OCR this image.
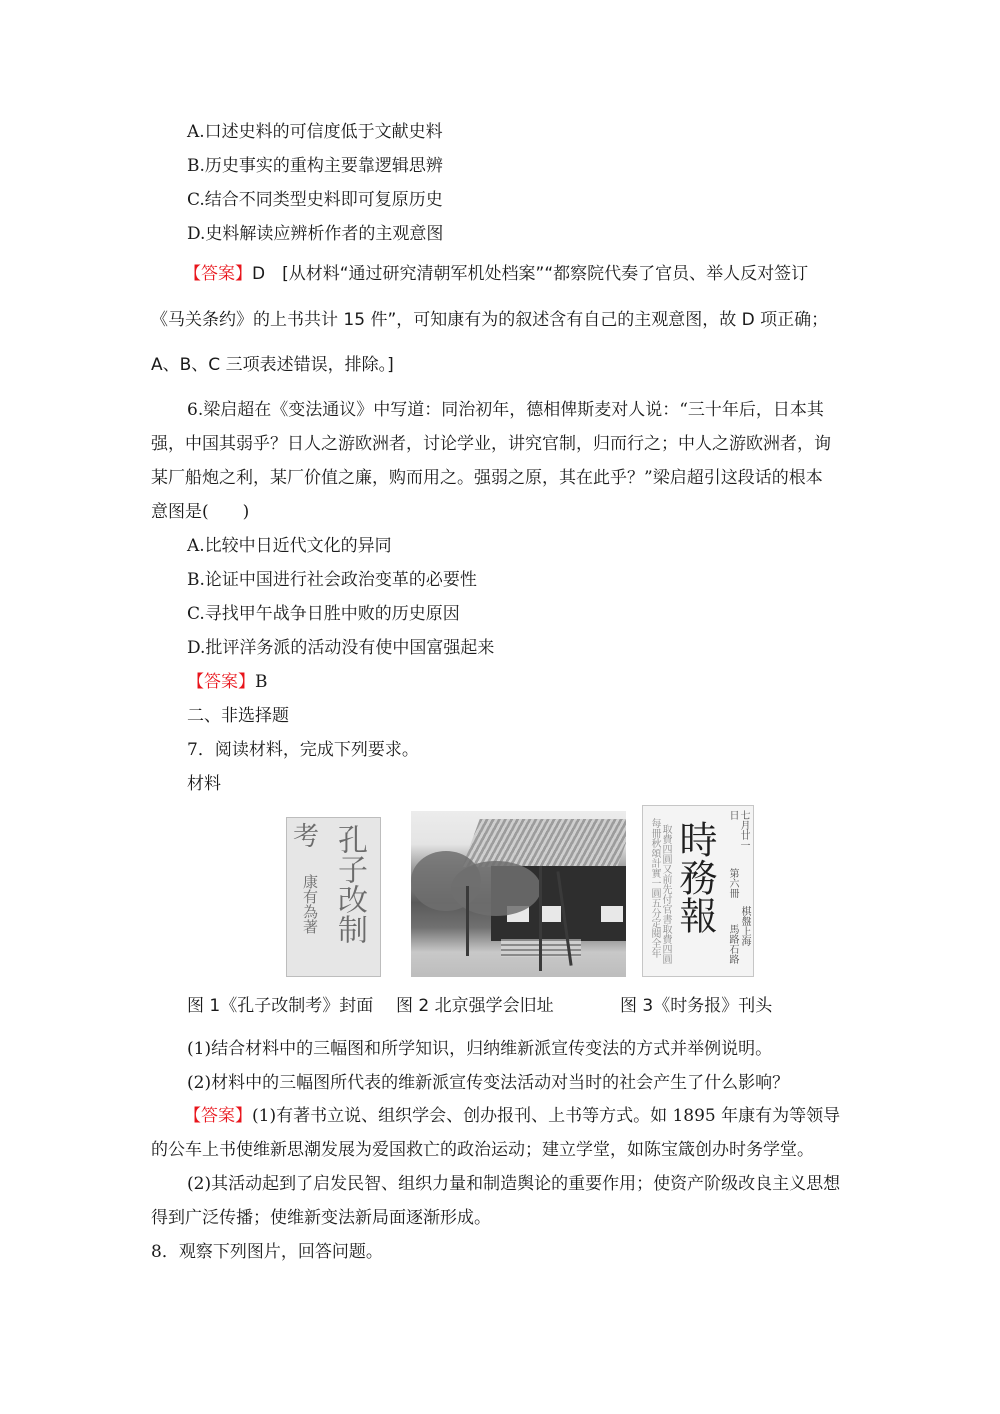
A.口述史料的可信度低于文献史料
B.历史事实的重构主要靠逻辑思辨
C.结合不同类型史料即可复原历史
D.史料解读应辨析作者的主观意图
【答案】D　[从材料“通过研究清朝军机处档案”“都察院代奏了官员、举人反对签订
《马关条约》的上书共计 15 件”，可知康有为的叙述含有自己的主观意图，故 D 项正确；
A、B、C 三项表述错误，排除。]
6.梁启超在《变法通议》中写道：同治初年，德相俾斯麦对人说：“三十年后，日本其
强，中国其弱乎？日人之游欧洲者，讨论学业，讲究官制，归而行之；中人之游欧洲者，询
某厂船炮之利，某厂价值之廉，购而用之。强弱之原，其在此乎？”梁启超引这段话的根本
意图是(　　)
A.比较中日近代文化的异同
B.论证中国进行社会政治变革的必要性
C.寻找甲午战争日胜中败的历史原因
D.批评洋务派的活动没有使中国富强起来
【答案】B
二、非选择题
7．阅读材料，完成下列要求。
材料
孔子改制
考
康有為著	時務報
每冊秋頌計實一圓五分定閱全年 取費四圓又前先付官書取費四圓	七月廿一日
第六冊
馬路石路 棋盤上海
图 1《孔子改制考》封面 图 2 北京强学会旧址	图 3《时务报》刊头
(1)结合材料中的三幅图和所学知识，归纳维新派宣传变法的方式并举例说明。
(2)材料中的三幅图所代表的维新派宣传变法活动对当时的社会产生了什么影响？
【答案】(1)有著书立说、组织学会、创办报刊、上书等方式。如 1895 年康有为等领导
的公车上书使维新思潮发展为爱国救亡的政治运动；建立学堂，如陈宝箴创办时务学堂。
(2)其活动起到了启发民智、组织力量和制造舆论的重要作用；使资产阶级改良主义思想
得到广泛传播；使维新变法新局面逐渐形成。
8．观察下列图片，回答问题。
